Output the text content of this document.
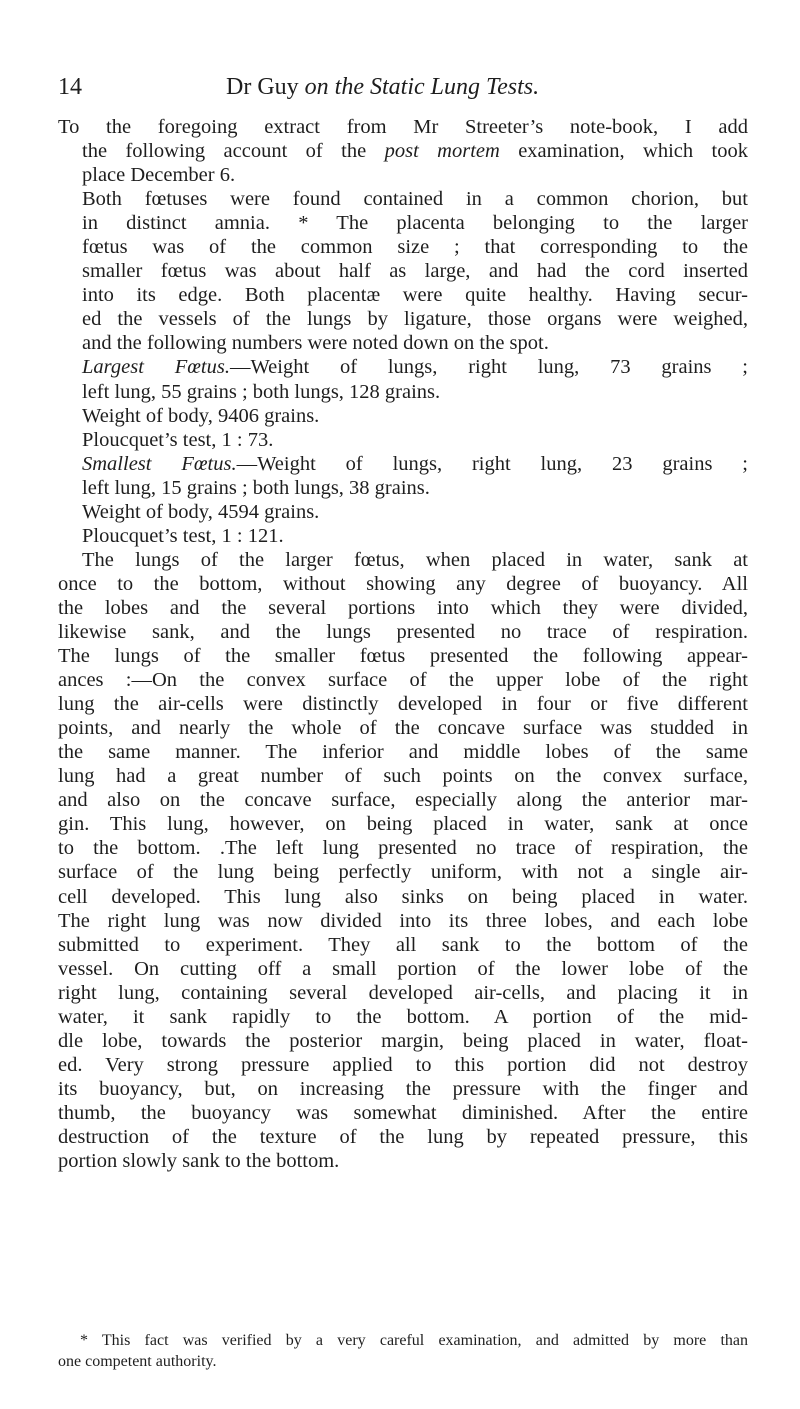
14	Dr Guy on the Static Lung Tests.
To the foregoing extract from Mr Streeter’s note-book, I add
the following account of the post mortem examination, which took
place December 6.
Both fœtuses were found contained in a common chorion, but
in distinct amnia. * The placenta belonging to the larger
fœtus was of the common size ; that corresponding to the
smaller fœtus was about half as large, and had the cord inserted
into its edge. Both placentæ were quite healthy. Having secur-
ed the vessels of the lungs by ligature, those organs were weighed,
and the following numbers were noted down on the spot.
Largest Fœtus.—Weight of lungs, right lung, 73 grains ;
left lung, 55 grains ; both lungs, 128 grains.
Weight of body, 9406 grains.
Ploucquet’s test, 1 : 73.
Smallest Fœtus.—Weight of lungs, right lung, 23 grains ;
left lung, 15 grains ; both lungs, 38 grains.
Weight of body, 4594 grains.
Ploucquet’s test, 1 : 121.
The lungs of the larger fœtus, when placed in water, sank at
once to the bottom, without showing any degree of buoyancy. All
the lobes and the several portions into which they were divided,
likewise sank, and the lungs presented no trace of respiration.
The lungs of the smaller fœtus presented the following appear-
ances :—On the convex surface of the upper lobe of the right
lung the air-cells were distinctly developed in four or five different
points, and nearly the whole of the concave surface was studded in
the same manner. The inferior and middle lobes of the same
lung had a great number of such points on the convex surface,
and also on the concave surface, especially along the anterior mar-
gin. This lung, however, on being placed in water, sank at once
to the bottom. .The left lung presented no trace of respiration, the
surface of the lung being perfectly uniform, with not a single air-
cell developed. This lung also sinks on being placed in water.
The right lung was now divided into its three lobes, and each lobe
submitted to experiment. They all sank to the bottom of the
vessel. On cutting off a small portion of the lower lobe of the
right lung, containing several developed air-cells, and placing it in
water, it sank rapidly to the bottom. A portion of the mid-
dle lobe, towards the posterior margin, being placed in water, float-
ed. Very strong pressure applied to this portion did not destroy
its buoyancy, but, on increasing the pressure with the finger and
thumb, the buoyancy was somewhat diminished. After the entire
destruction of the texture of the lung by repeated pressure, this
portion slowly sank to the bottom.
* This fact was verified by a very careful examination, and admitted by more than
one competent authority.
